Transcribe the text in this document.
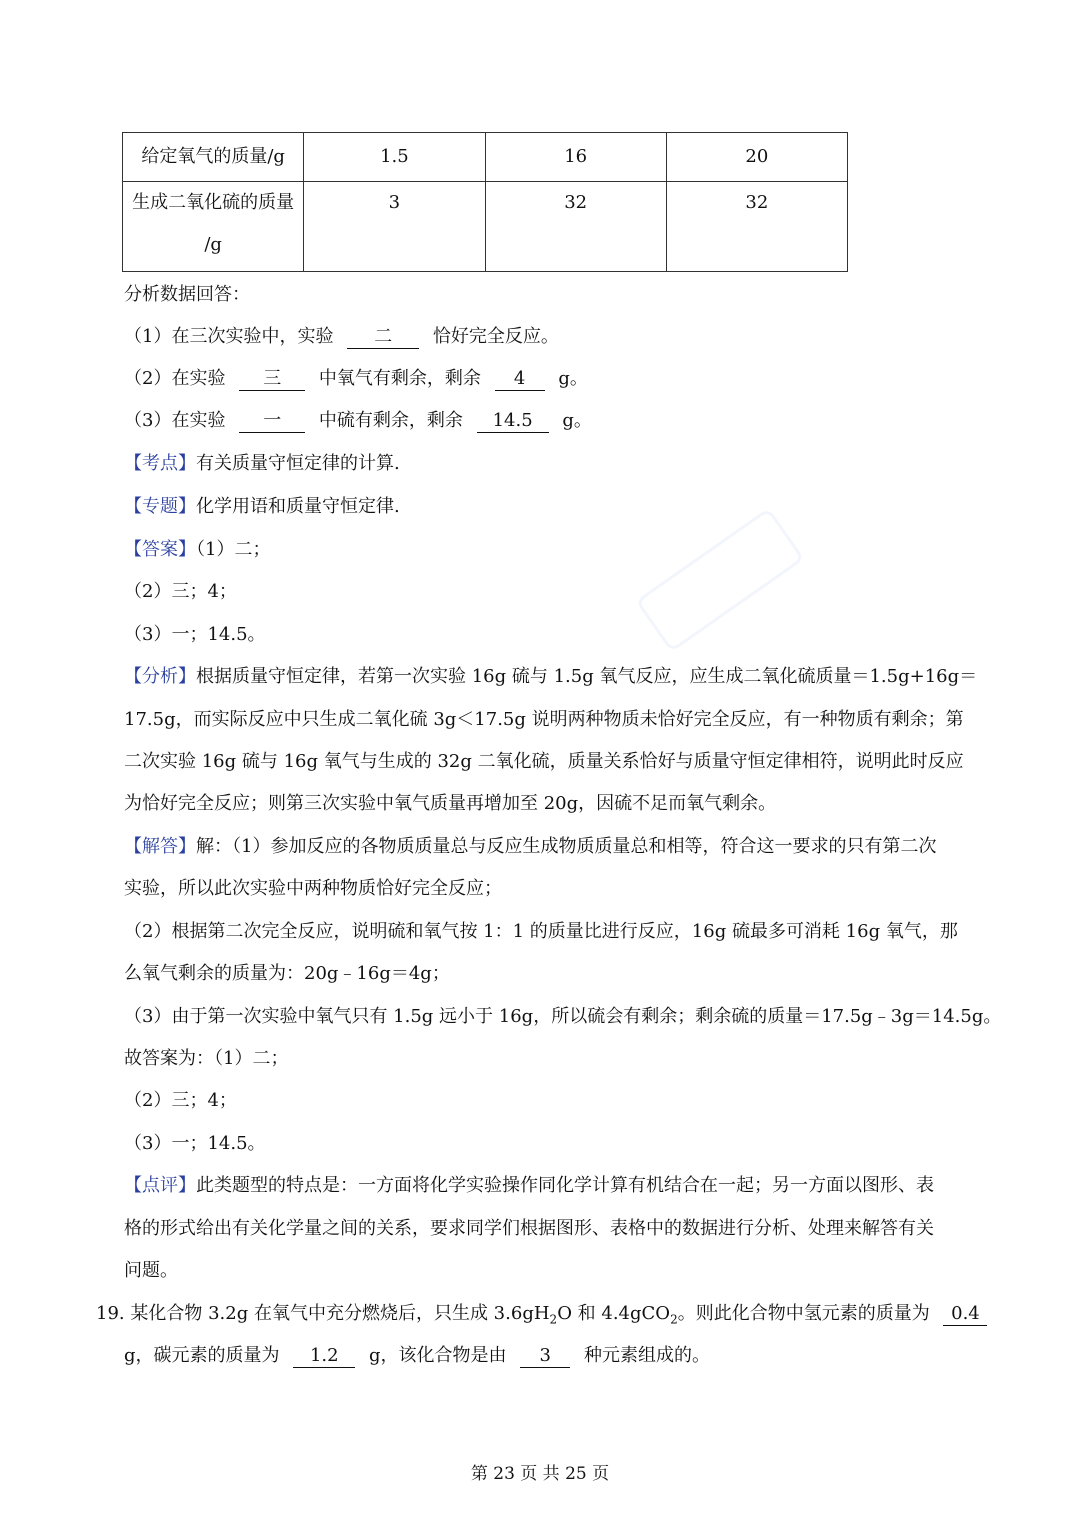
给定氧气的质量/g	1.5	16	20

生成二氧化硫的质量
/g	3	32	32
分析数据回答：
（1）在三次实验中，实验 二 恰好完全反应。
（2）在实验 三 中氧气有剩余，剩余 4 g。
（3）在实验 一 中硫有剩余，剩余 14.5 g。
【考点】有关质量守恒定律的计算.
【专题】化学用语和质量守恒定律.
【答案】（1）二；
（2）三；4；
（3）一；14.5。
【分析】根据质量守恒定律，若第一次实验 16g 硫与 1.5g 氧气反应，应生成二氧化硫质量＝1.5g+16g＝
17.5g，而实际反应中只生成二氧化硫 3g＜17.5g 说明两种物质未恰好完全反应，有一种物质有剩余；第
二次实验 16g 硫与 16g 氧气与生成的 32g 二氧化硫，质量关系恰好与质量守恒定律相符，说明此时反应
为恰好完全反应；则第三次实验中氧气质量再增加至 20g，因硫不足而氧气剩余。
【解答】解：（1）参加反应的各物质质量总与反应生成物质质量总和相等，符合这一要求的只有第二次
实验，所以此次实验中两种物质恰好完全反应；
（2）根据第二次完全反应，说明硫和氧气按 1：1 的质量比进行反应，16g 硫最多可消耗 16g 氧气，那
么氧气剩余的质量为：20g﹣16g＝4g；
（3）由于第一次实验中氧气只有 1.5g 远小于 16g，所以硫会有剩余；剩余硫的质量＝17.5g﹣3g＝14.5g。
故答案为：（1）二；
（2）三；4；
（3）一；14.5。
【点评】此类题型的特点是：一方面将化学实验操作同化学计算有机结合在一起；另一方面以图形、表
格的形式给出有关化学量之间的关系，要求同学们根据图形、表格中的数据进行分析、处理来解答有关
问题。
19. 某化合物 3.2g 在氧气中充分燃烧后，只生成 $3.6gH_2O$ 和 4.4gCO$_2$。则此化合物中氢元素的质量为 0.4
g，碳元素的质量为 1.2 g，该化合物是由 3 种元素组成的。
第 23 页 共 25 页
